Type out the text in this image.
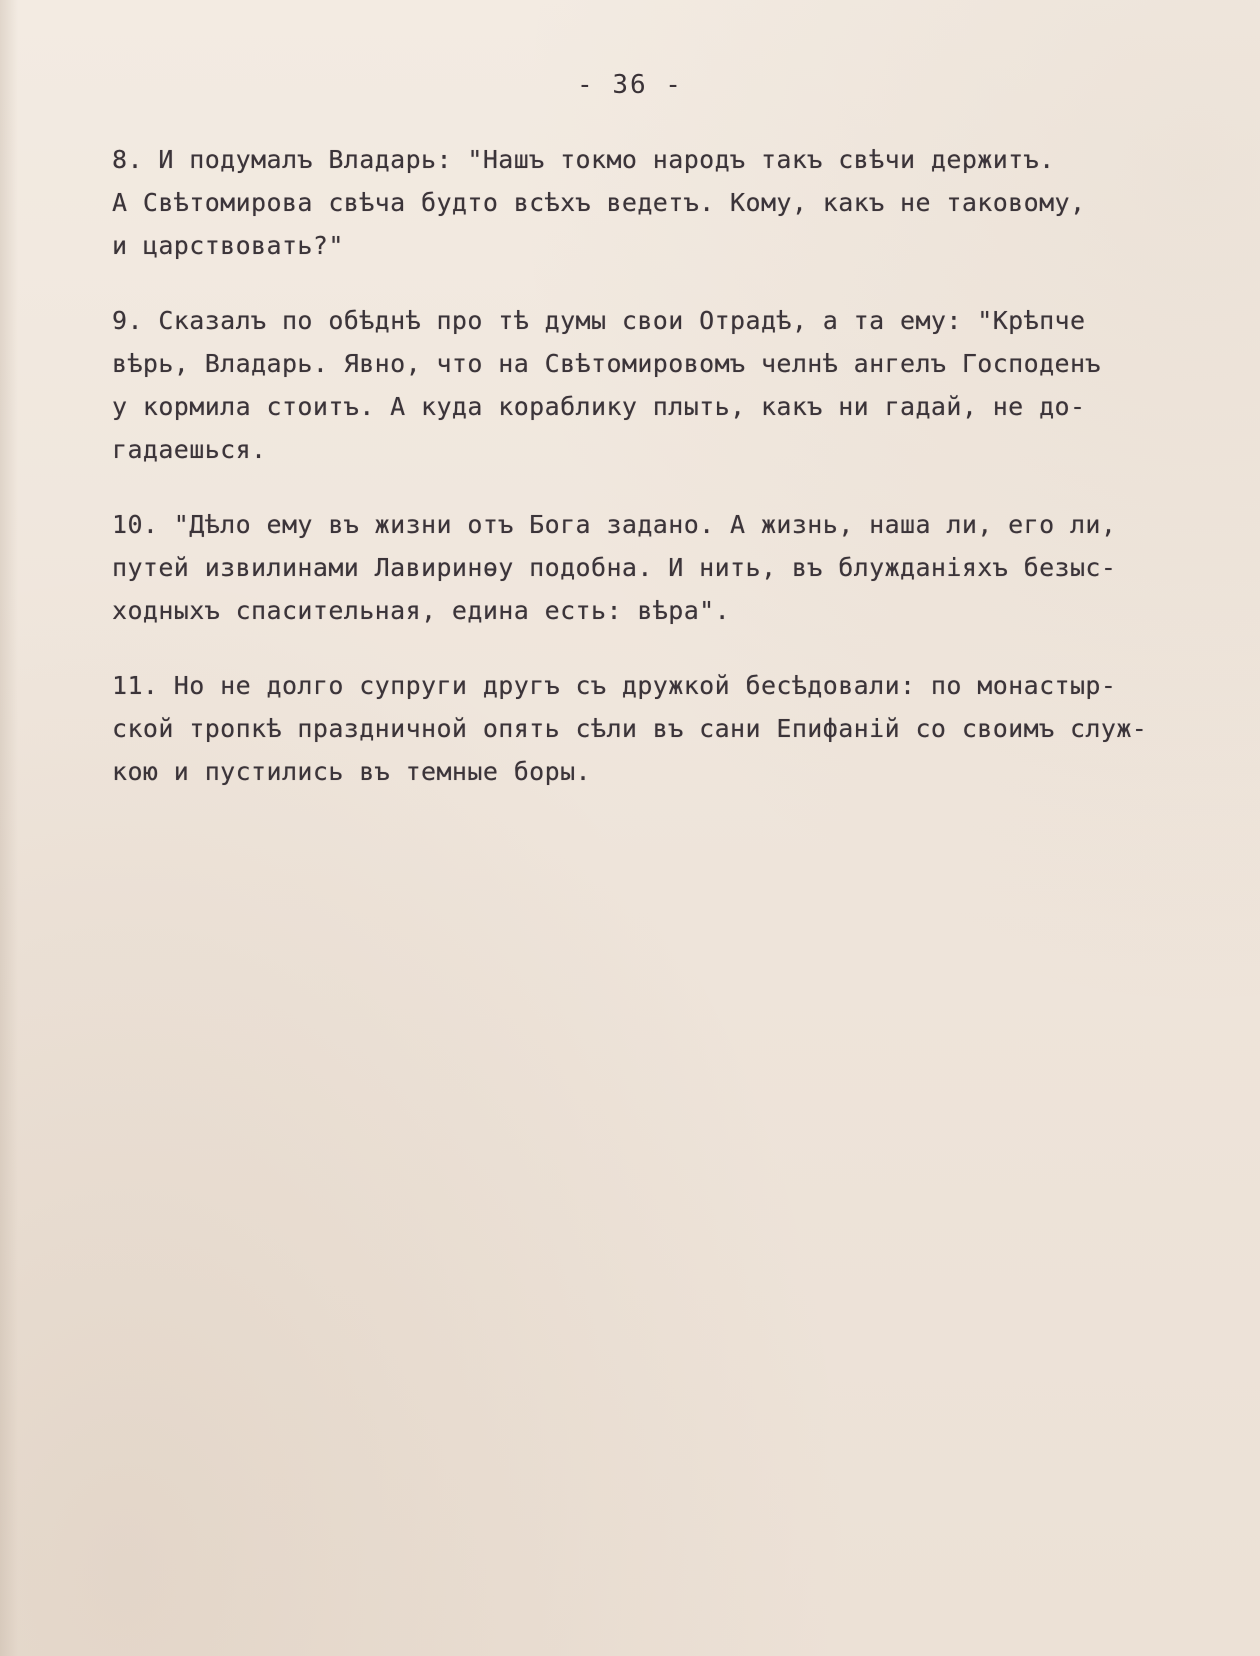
- 36 -

8. И подумалъ Владарь: "Нашъ токмо народъ такъ свѣчи держитъ.
А Свѣтомирова свѣча будто всѣхъ ведетъ. Кому, какъ не таковому,
и царствовать?"

9. Сказалъ по обѣднѣ про тѣ думы свои Отрадѣ, а та ему: "Крѣпче
вѣрь, Владарь. Явно, что на Свѣтомировомъ челнѣ ангелъ Господенъ
у кормила стоитъ. А куда кораблику плыть, какъ ни гадай, не до-
гадаешься.

10. "Дѣло ему въ жизни отъ Бога задано. А жизнь, наша ли, его ли,
путей извилинами Лавиринѳу подобна. И нить, въ блужданіяхъ безыс-
ходныхъ спасительная, едина есть: вѣра".

11. Но не долго супруги другъ съ дружкой бесѣдовали: по монастыр-
ской тропкѣ праздничной опять сѣли въ сани Епифаній со своимъ служ-
кою и пустились въ темные боры.
